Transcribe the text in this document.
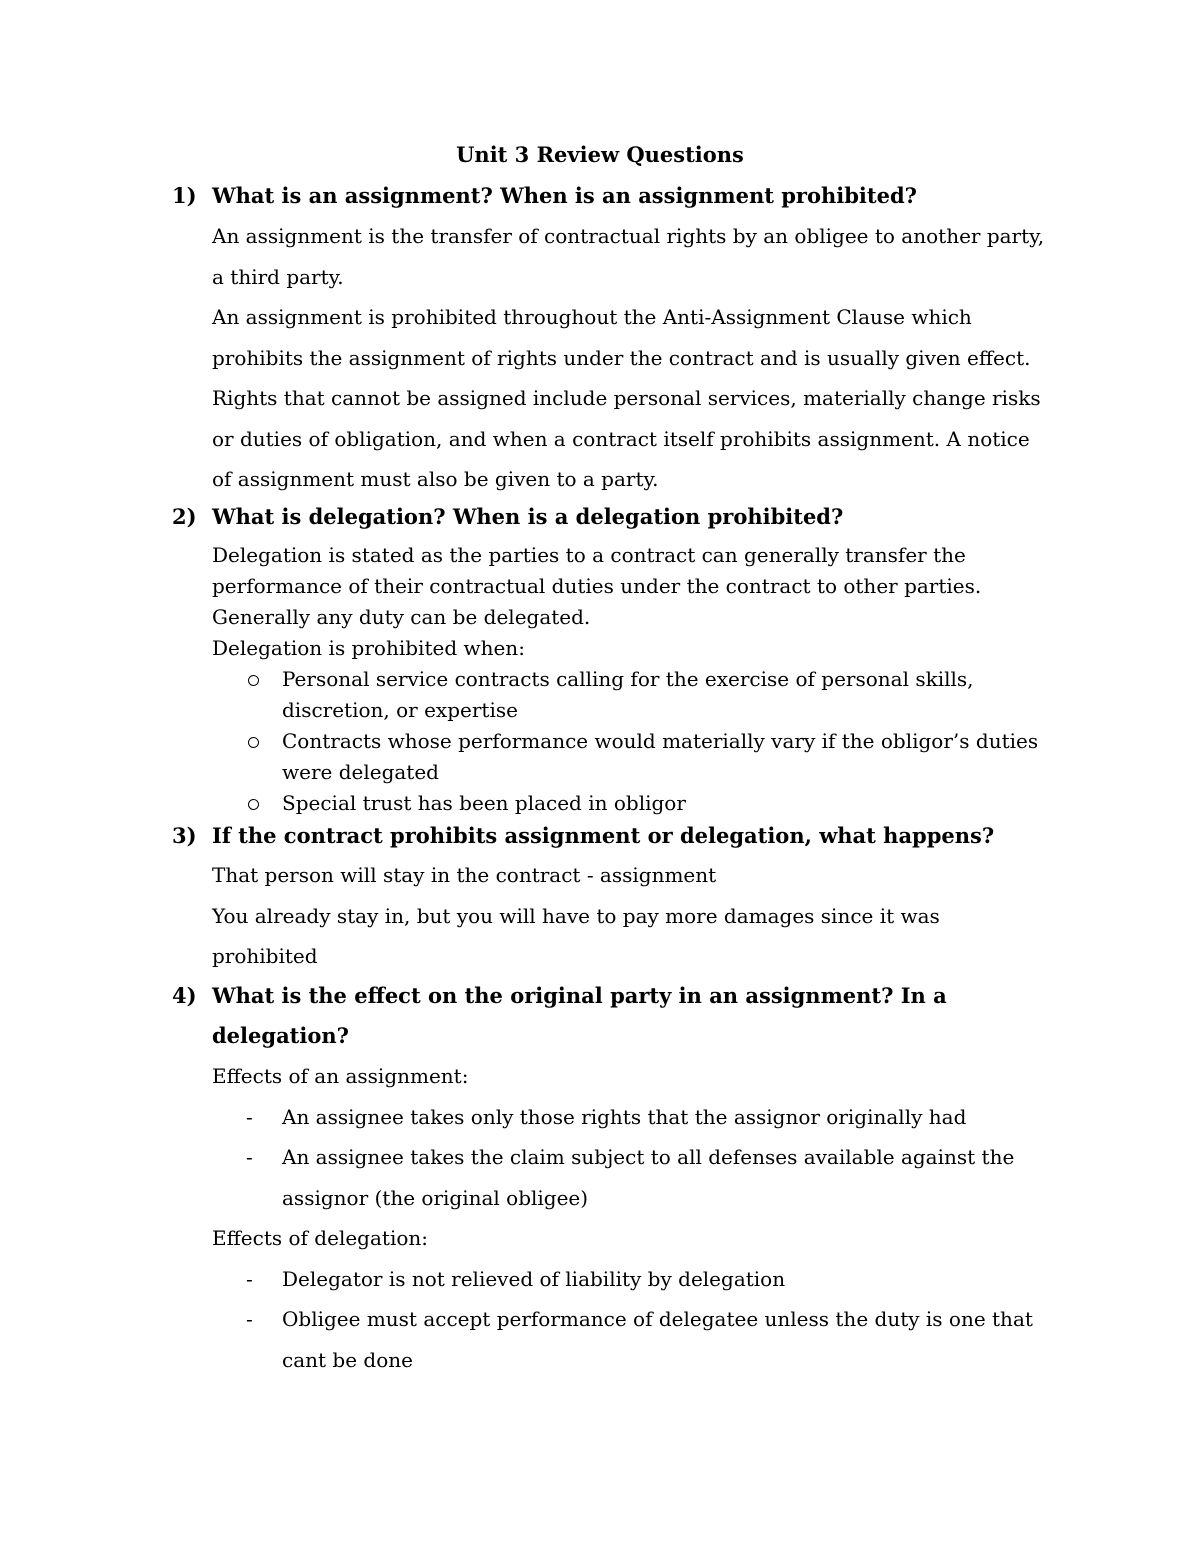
Unit 3 Review Questions
1) What is an assignment? When is an assignment prohibited?
An assignment is the transfer of contractual rights by an obligee to another party,
a third party.
An assignment is prohibited throughout the Anti-Assignment Clause which
prohibits the assignment of rights under the contract and is usually given effect.
Rights that cannot be assigned include personal services, materially change risks
or duties of obligation, and when a contract itself prohibits assignment. A notice
of assignment must also be given to a party.
2) What is delegation? When is a delegation prohibited?
Delegation is stated as the parties to a contract can generally transfer the
performance of their contractual duties under the contract to other parties.
Generally any duty can be delegated.
Delegation is prohibited when:
Personal service contracts calling for the exercise of personal skills,
discretion, or expertise
Contracts whose performance would materially vary if the obligor’s duties
were delegated
Special trust has been placed in obligor
3) If the contract prohibits assignment or delegation, what happens?
That person will stay in the contract - assignment
You already stay in, but you will have to pay more damages since it was
prohibited
4) What is the effect on the original party in an assignment? In a
delegation?
Effects of an assignment:
- An assignee takes only those rights that the assignor originally had
- An assignee takes the claim subject to all defenses available against the
assignor (the original obligee)
Effects of delegation:
- Delegator is not relieved of liability by delegation
- Obligee must accept performance of delegatee unless the duty is one that
cant be done
